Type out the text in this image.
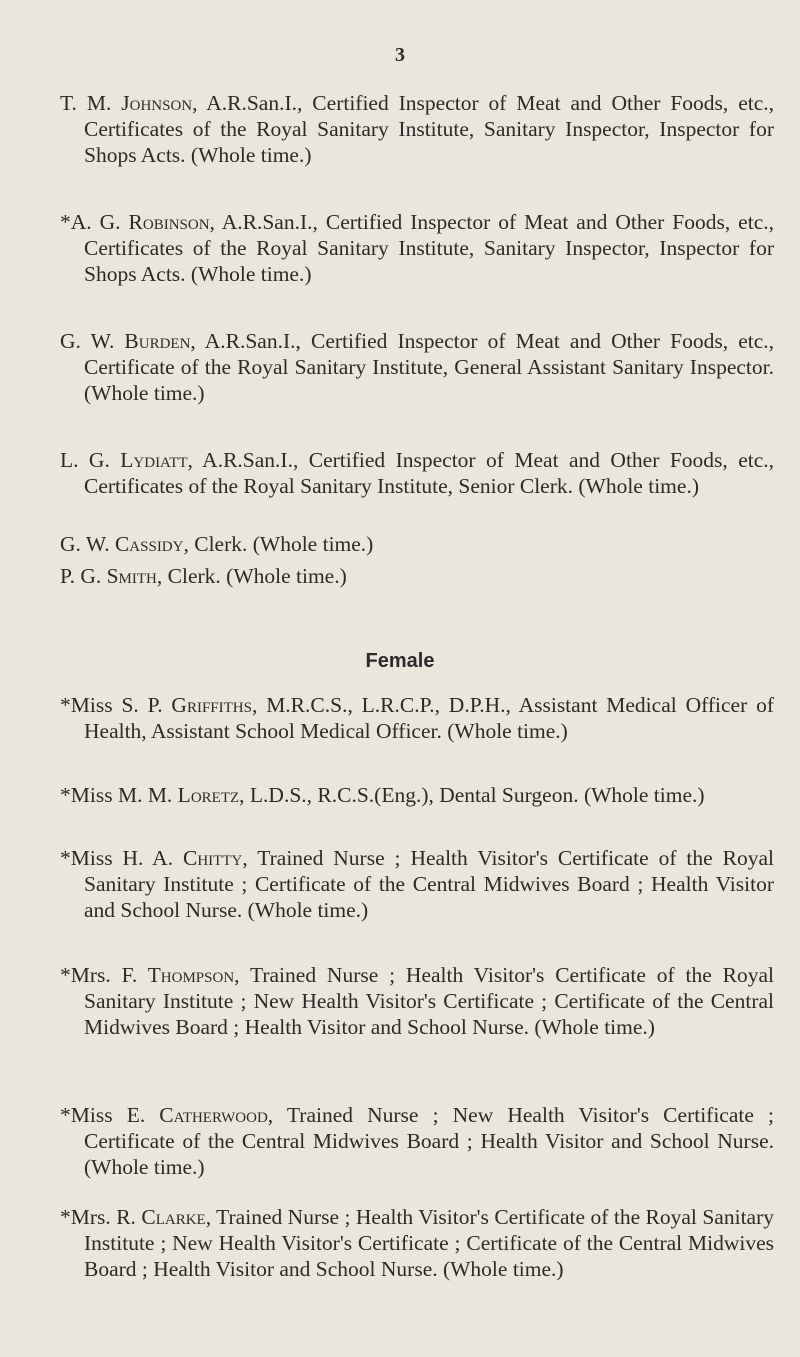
3
T. M. Johnson, A.R.San.I., Certified Inspector of Meat and Other Foods, etc., Certificates of the Royal Sanitary Institute, Sanitary Inspector, Inspector for Shops Acts. (Whole time.)
*A. G. Robinson, A.R.San.I., Certified Inspector of Meat and Other Foods, etc., Certificates of the Royal Sanitary Institute, Sanitary Inspector, Inspector for Shops Acts. (Whole time.)
G. W. Burden, A.R.San.I., Certified Inspector of Meat and Other Foods, etc., Certificate of the Royal Sanitary Institute, General Assistant Sanitary Inspector. (Whole time.)
L. G. Lydiatt, A.R.San.I., Certified Inspector of Meat and Other Foods, etc., Certificates of the Royal Sanitary Institute, Senior Clerk. (Whole time.)
G. W. Cassidy, Clerk. (Whole time.)
P. G. Smith, Clerk. (Whole time.)
Female
*Miss S. P. Griffiths, M.R.C.S., L.R.C.P., D.P.H., Assistant Medical Officer of Health, Assistant School Medical Officer. (Whole time.)
*Miss M. M. Loretz, L.D.S., R.C.S.(Eng.), Dental Surgeon. (Whole time.)
*Miss H. A. Chitty, Trained Nurse ; Health Visitor's Certificate of the Royal Sanitary Institute ; Certificate of the Central Midwives Board ; Health Visitor and School Nurse. (Whole time.)
*Mrs. F. Thompson, Trained Nurse ; Health Visitor's Certificate of the Royal Sanitary Institute ; New Health Visitor's Certificate ; Certificate of the Central Midwives Board ; Health Visitor and School Nurse. (Whole time.)
*Miss E. Catherwood, Trained Nurse ; New Health Visitor's Certificate ; Certificate of the Central Midwives Board ; Health Visitor and School Nurse. (Whole time.)
*Mrs. R. Clarke, Trained Nurse ; Health Visitor's Certificate of the Royal Sanitary Institute ; New Health Visitor's Certificate ; Certificate of the Central Midwives Board ; Health Visitor and School Nurse. (Whole time.)
